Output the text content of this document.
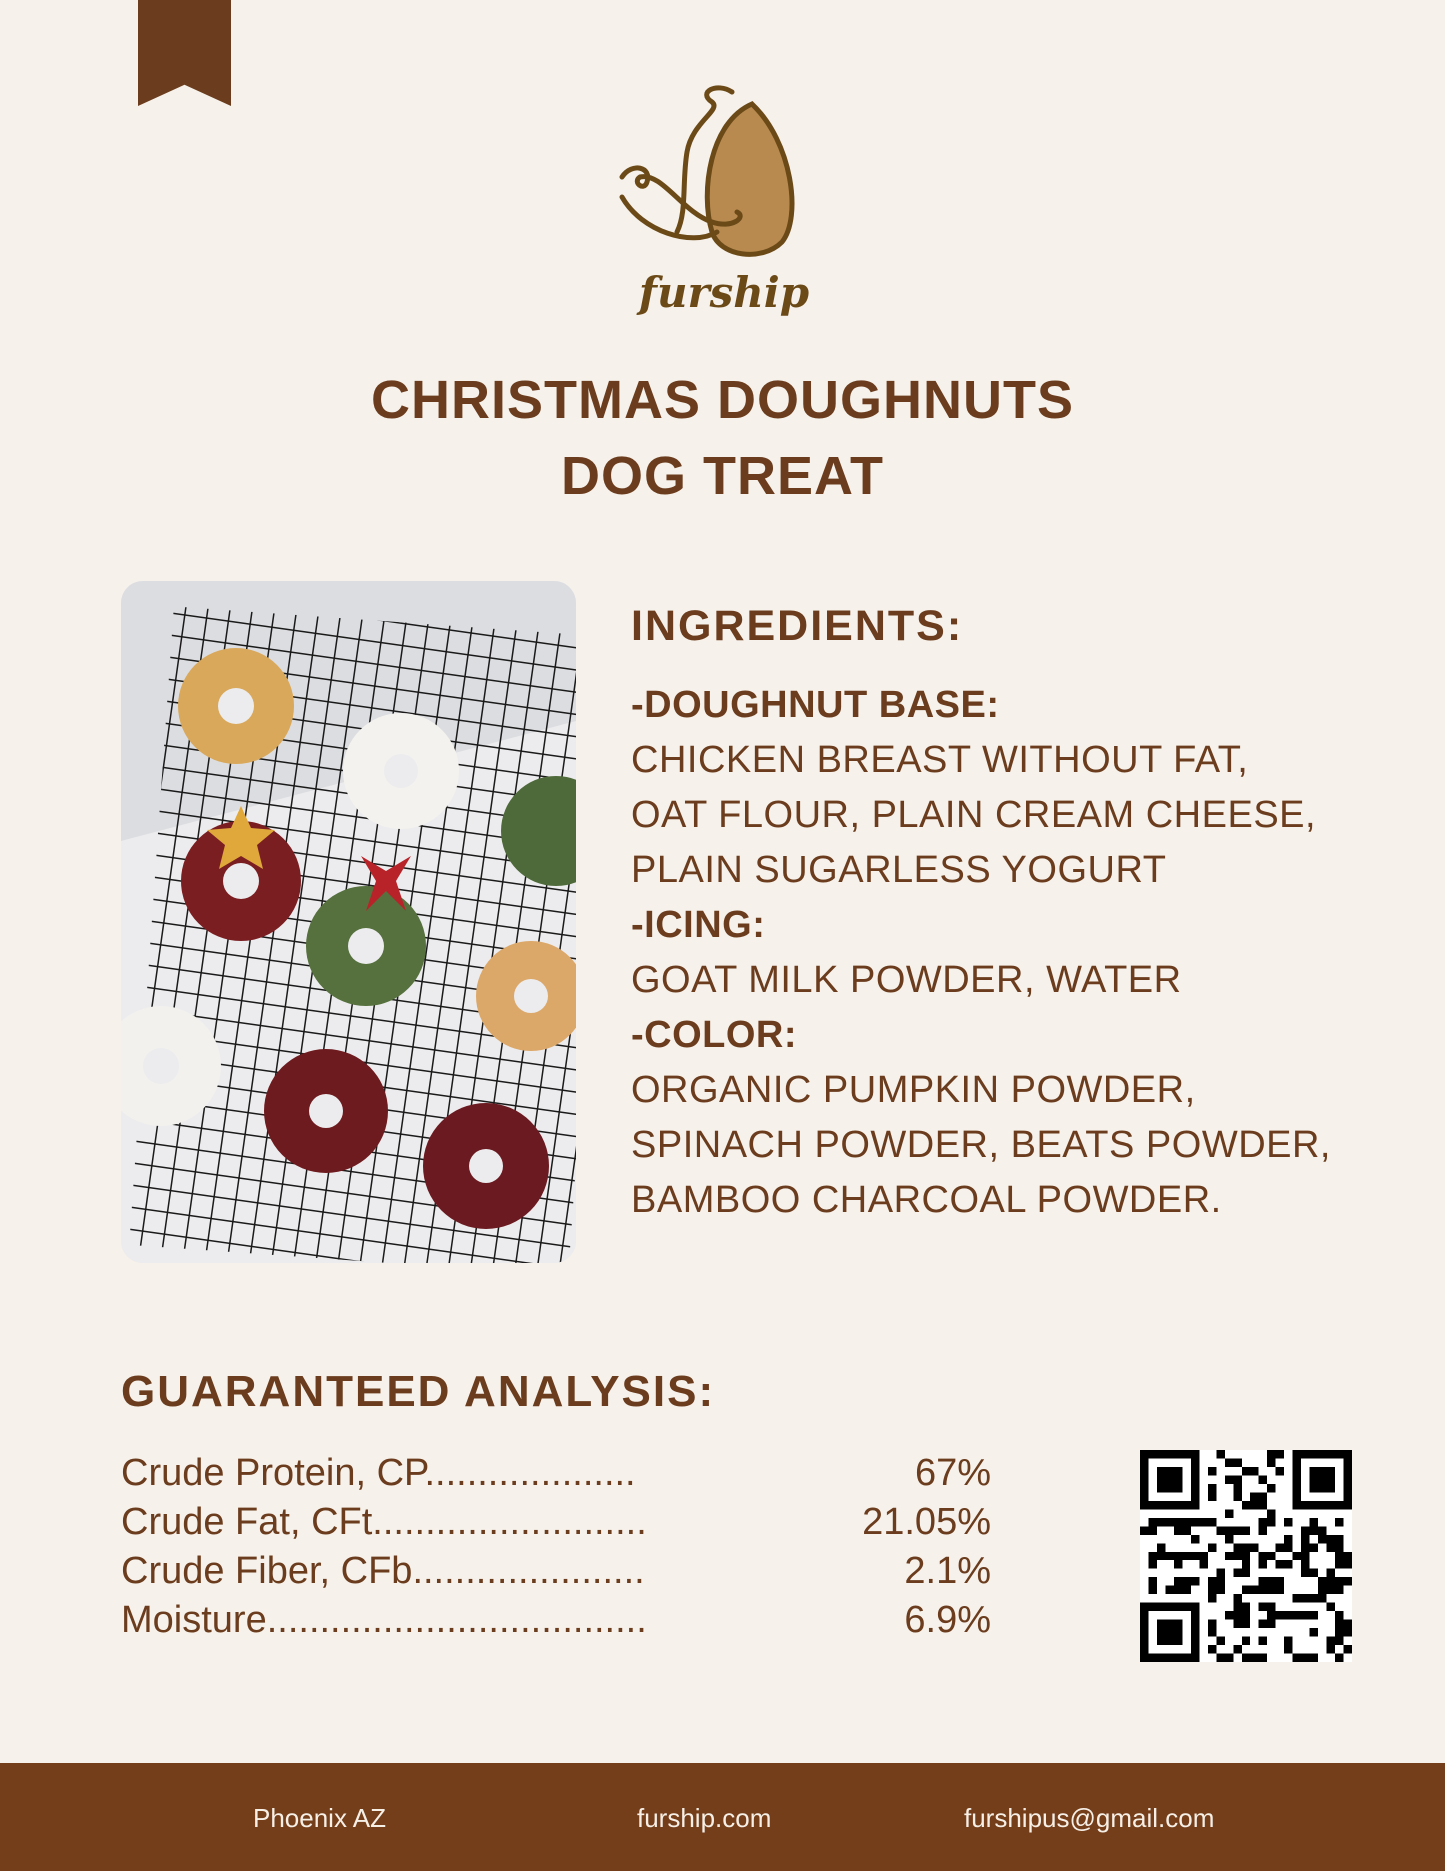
furship
CHRISTMAS DOUGHNUTS
DOG TREAT
INGREDIENTS:
-DOUGHNUT BASE:
CHICKEN BREAST WITHOUT FAT,
OAT FLOUR, PLAIN CREAM CHEESE,
PLAIN SUGARLESS YOGURT
-ICING:
GOAT MILK POWDER, WATER
-COLOR:
ORGANIC PUMPKIN POWDER,
SPINACH POWDER, BEATS POWDER,
BAMBOO CHARCOAL POWDER.
GUARANTEED ANALYSIS:
Crude Protein, CP....................	67%
Crude Fat, CFt..........................	21.05%
Crude Fiber, CFb......................	2.1%
Moisture....................................	6.9%
Phoenix AZ	furship.com	furshipus@gmail.com
